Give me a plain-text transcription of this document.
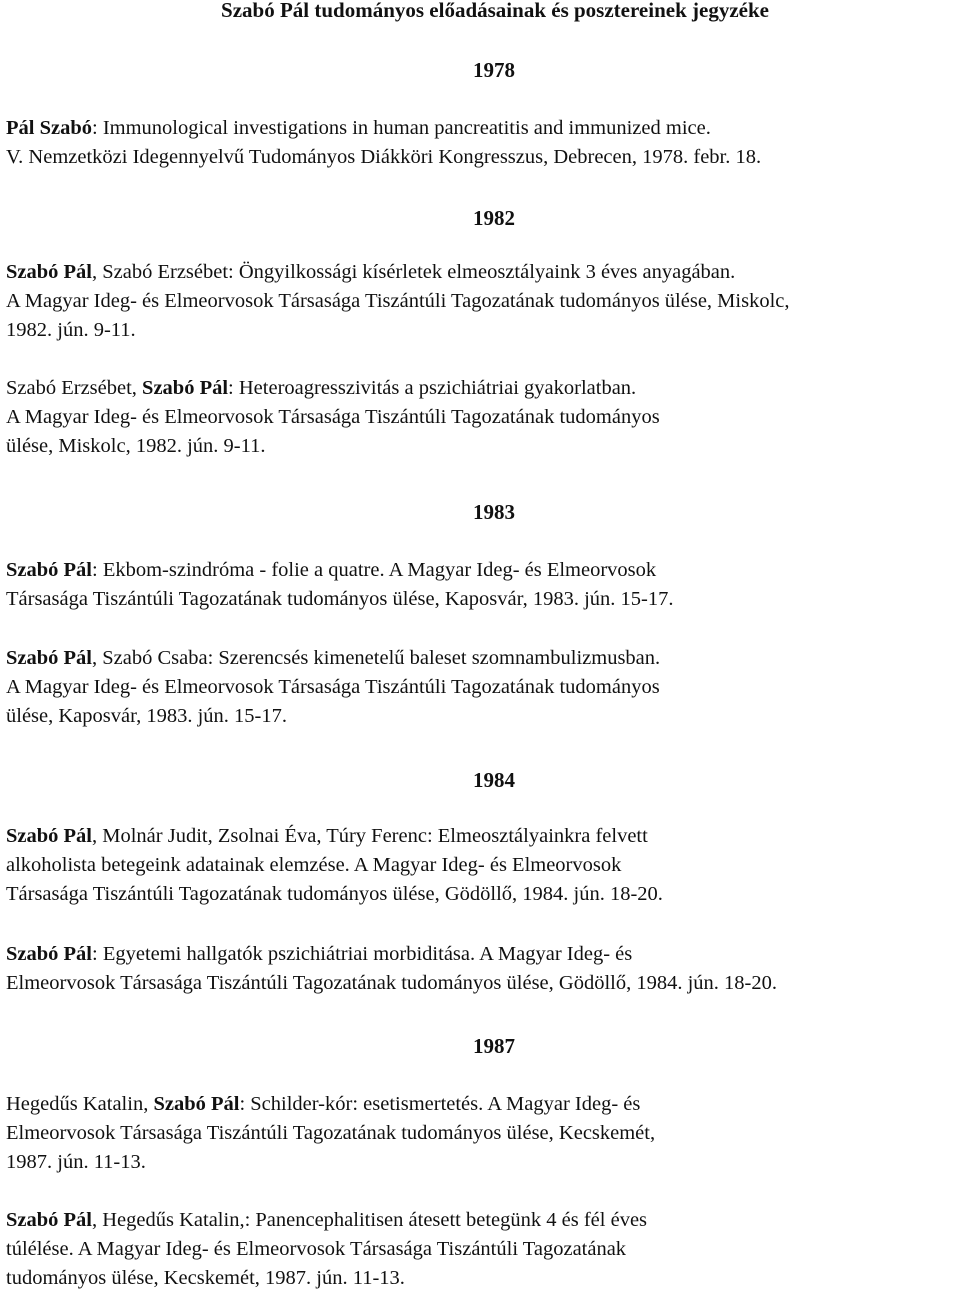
Szabó Pál tudományos előadásainak és posztereinek jegyzéke
1978
Pál Szabó: Immunological investigations in human pancreatitis and immunized mice.
V. Nemzetközi Idegennyelvű Tudományos Diákköri Kongresszus, Debrecen, 1978. febr. 18.
1982
Szabó Pál, Szabó Erzsébet: Öngyilkossági kísérletek elmeosztályaink 3 éves anyagában.
A Magyar Ideg- és Elmeorvosok Társasága Tiszántúli Tagozatának tudományos ülése, Miskolc,
1982. jún. 9-11.
Szabó Erzsébet, Szabó Pál: Heteroagresszivitás a pszichiátriai gyakorlatban.
A Magyar Ideg- és Elmeorvosok Társasága Tiszántúli Tagozatának tudományos
ülése, Miskolc, 1982. jún. 9-11.
1983
Szabó Pál: Ekbom-szindróma - folie a quatre. A Magyar Ideg- és Elmeorvosok
Társasága Tiszántúli Tagozatának tudományos ülése, Kaposvár, 1983. jún. 15-17.
Szabó Pál, Szabó Csaba: Szerencsés kimenetelű baleset szomnambulizmusban.
A Magyar Ideg- és Elmeorvosok Társasága Tiszántúli Tagozatának tudományos
ülése, Kaposvár, 1983. jún. 15-17.
1984
Szabó Pál, Molnár Judit, Zsolnai Éva, Túry Ferenc: Elmeosztályainkra felvett
alkoholista betegeink adatainak elemzése. A Magyar Ideg- és Elmeorvosok
Társasága Tiszántúli Tagozatának tudományos ülése, Gödöllő, 1984. jún. 18-20.
Szabó Pál: Egyetemi hallgatók pszichiátriai morbiditása. A Magyar Ideg- és
Elmeorvosok Társasága Tiszántúli Tagozatának tudományos ülése, Gödöllő, 1984. jún. 18-20.
1987
Hegedűs Katalin, Szabó Pál: Schilder-kór: esetismertetés. A Magyar Ideg- és
Elmeorvosok Társasága Tiszántúli Tagozatának tudományos ülése, Kecskemét,
1987. jún. 11-13.
Szabó Pál, Hegedűs Katalin,: Panencephalitisen átesett betegünk 4 és fél éves
túlélése. A Magyar Ideg- és Elmeorvosok Társasága Tiszántúli Tagozatának
tudományos ülése, Kecskemét, 1987. jún. 11-13.
